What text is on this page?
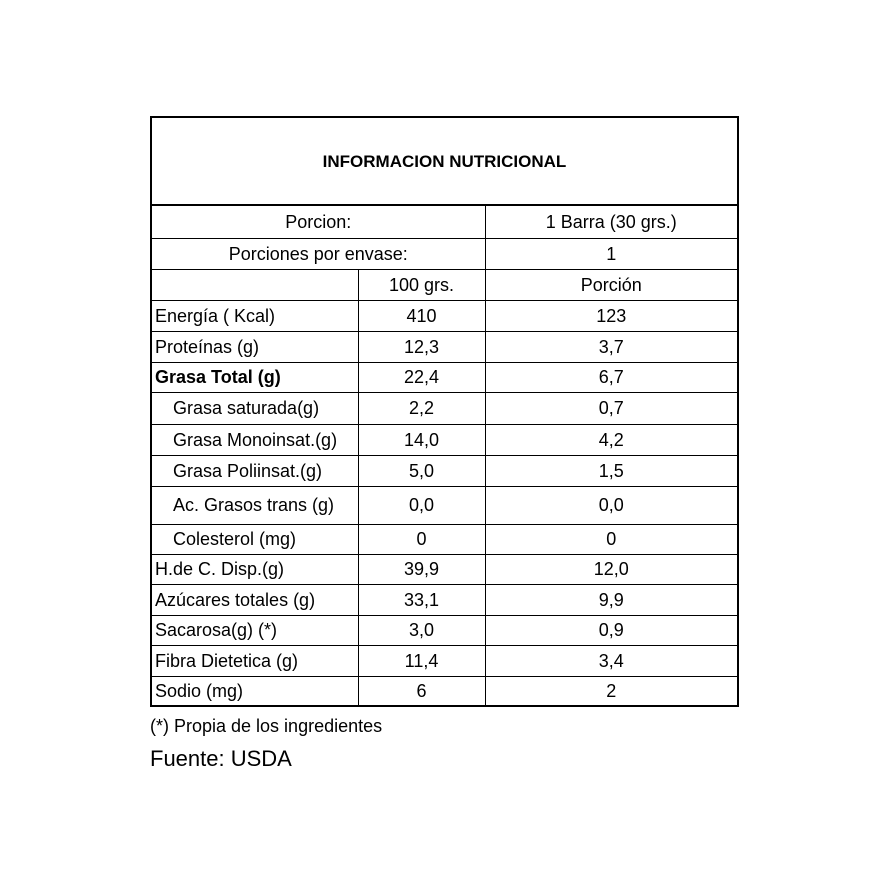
INFORMACION NUTRICIONAL		
Porcion:		1 Barra (30 grs.)
Porciones por envase:		1
	100 grs.	Porción
Energía ( Kcal)	410	123
Proteínas (g)	12,3	3,7
Grasa Total (g)	22,4	6,7
Grasa saturada(g)	2,2	0,7
Grasa Monoinsat.(g)	14,0	4,2
Grasa Poliinsat.(g)	5,0	1,5
Ac. Grasos trans (g)	0,0	0,0
Colesterol (mg)	0	0
H.de C. Disp.(g)	39,9	12,0
Azúcares totales (g)	33,1	9,9
Sacarosa(g) (*)	3,0	0,9
Fibra Dietetica (g)	11,4	3,4
Sodio (mg)	6	2
(*) Propia de los ingredientes
Fuente: USDA
